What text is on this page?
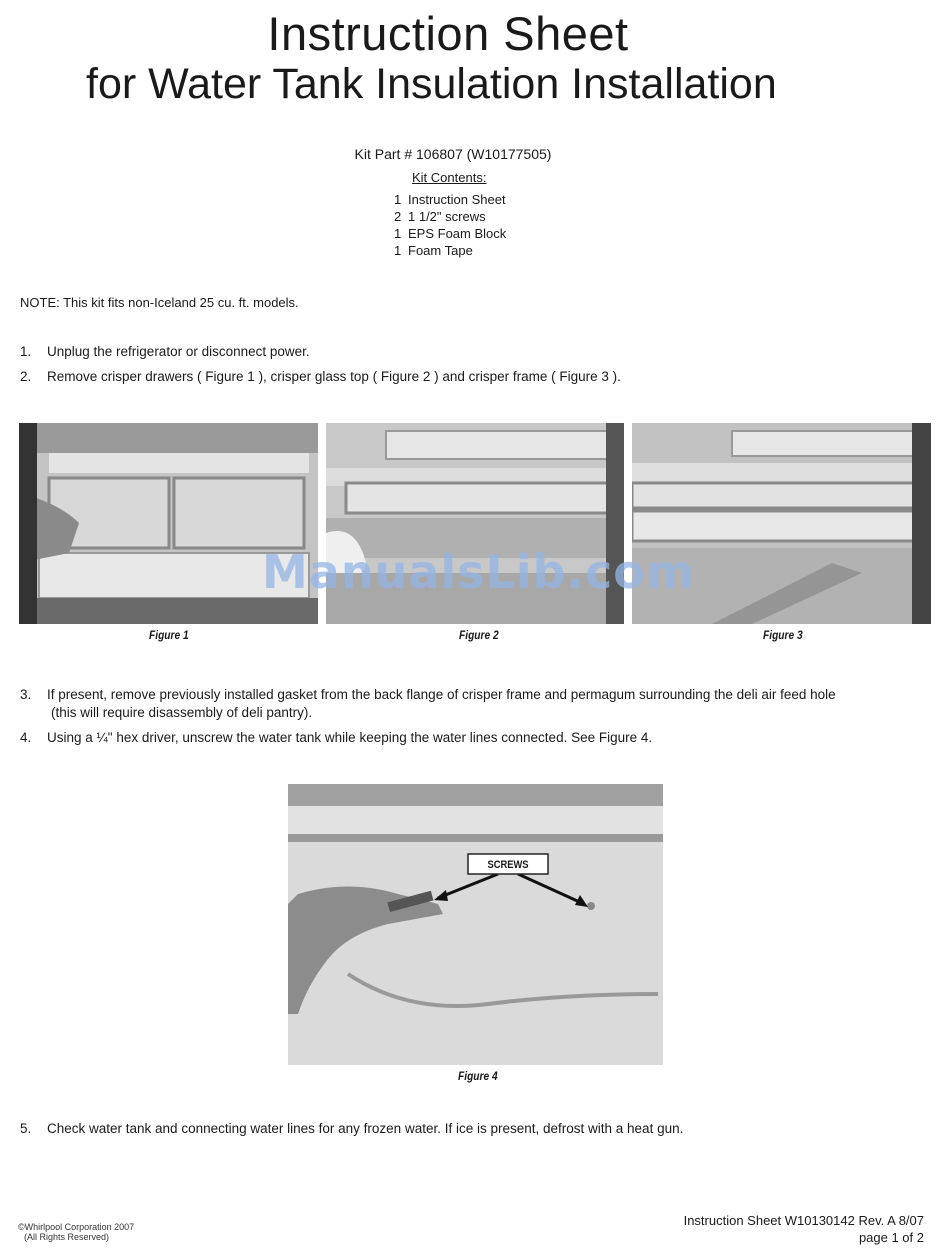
Instruction Sheet
for Water Tank Insulation Installation
Kit Part # 106807 (W10177505)
Kit Contents:
1 Instruction Sheet
2 1 1/2" screws
1 EPS Foam Block
1 Foam Tape
NOTE: This kit fits non-Iceland 25 cu. ft. models.
1. Unplug the refrigerator or disconnect power.
2. Remove crisper drawers ( Figure 1 ), crisper glass top ( Figure 2 ) and crisper frame ( Figure 3 ).
Figure 1	Figure 2	Figure 3
ManualsLib.com
3. If present, remove previously installed gasket from the back flange of crisper frame and permagum surrounding the deli air feed hole
(this will require disassembly of deli pantry).
4. Using a ¼" hex driver, unscrew the water tank while keeping the water lines connected. See Figure 4.
SCREWS
Figure 4
5. Check water tank and connecting water lines for any frozen water. If ice is present, defrost with a heat gun.
©Whirlpool Corporation 2007
(All Rights Reserved)
Instruction Sheet W10130142 Rev. A 8/07
page 1 of 2
